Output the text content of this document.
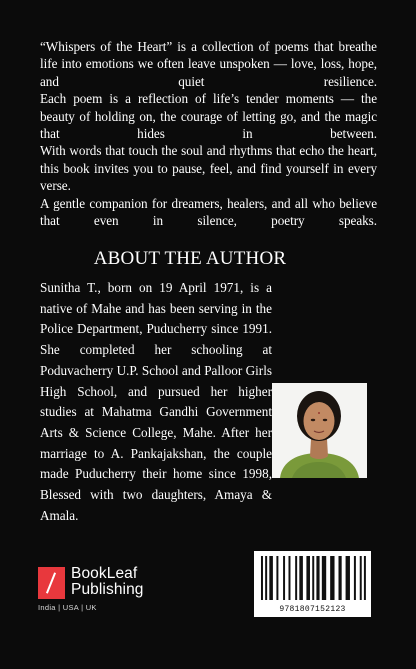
“Whispers of the Heart” is a collection of poems that breathe life into emotions we often leave unspoken — love, loss, hope, and quiet resilience.

Each poem is a reflection of life’s tender moments — the beauty of holding on, the courage of letting go, and the magic that hides in between.

With words that touch the soul and rhythms that echo the heart, this book invites you to pause, feel, and find yourself in every verse.

A gentle companion for dreamers, healers, and all who believe that even in silence, poetry speaks.

ABOUT THE AUTHOR

Sunitha T., born on 19 April 1971, is a native of Mahe and has been serving in the Police Department, Puducherry since 1991. She completed her schooling at Poduvacherry U.P. School and Palloor Girls High School, and pursued her higher studies at Mahatma Gandhi Government Arts & Science College, Mahe. After her marriage to A. Pankajakshan, the couple made Puducherry their home since 1998, Blessed with two daughters, Amaya & Amala.

BookLeaf
Publishing
India | USA | UK	9781807152123
